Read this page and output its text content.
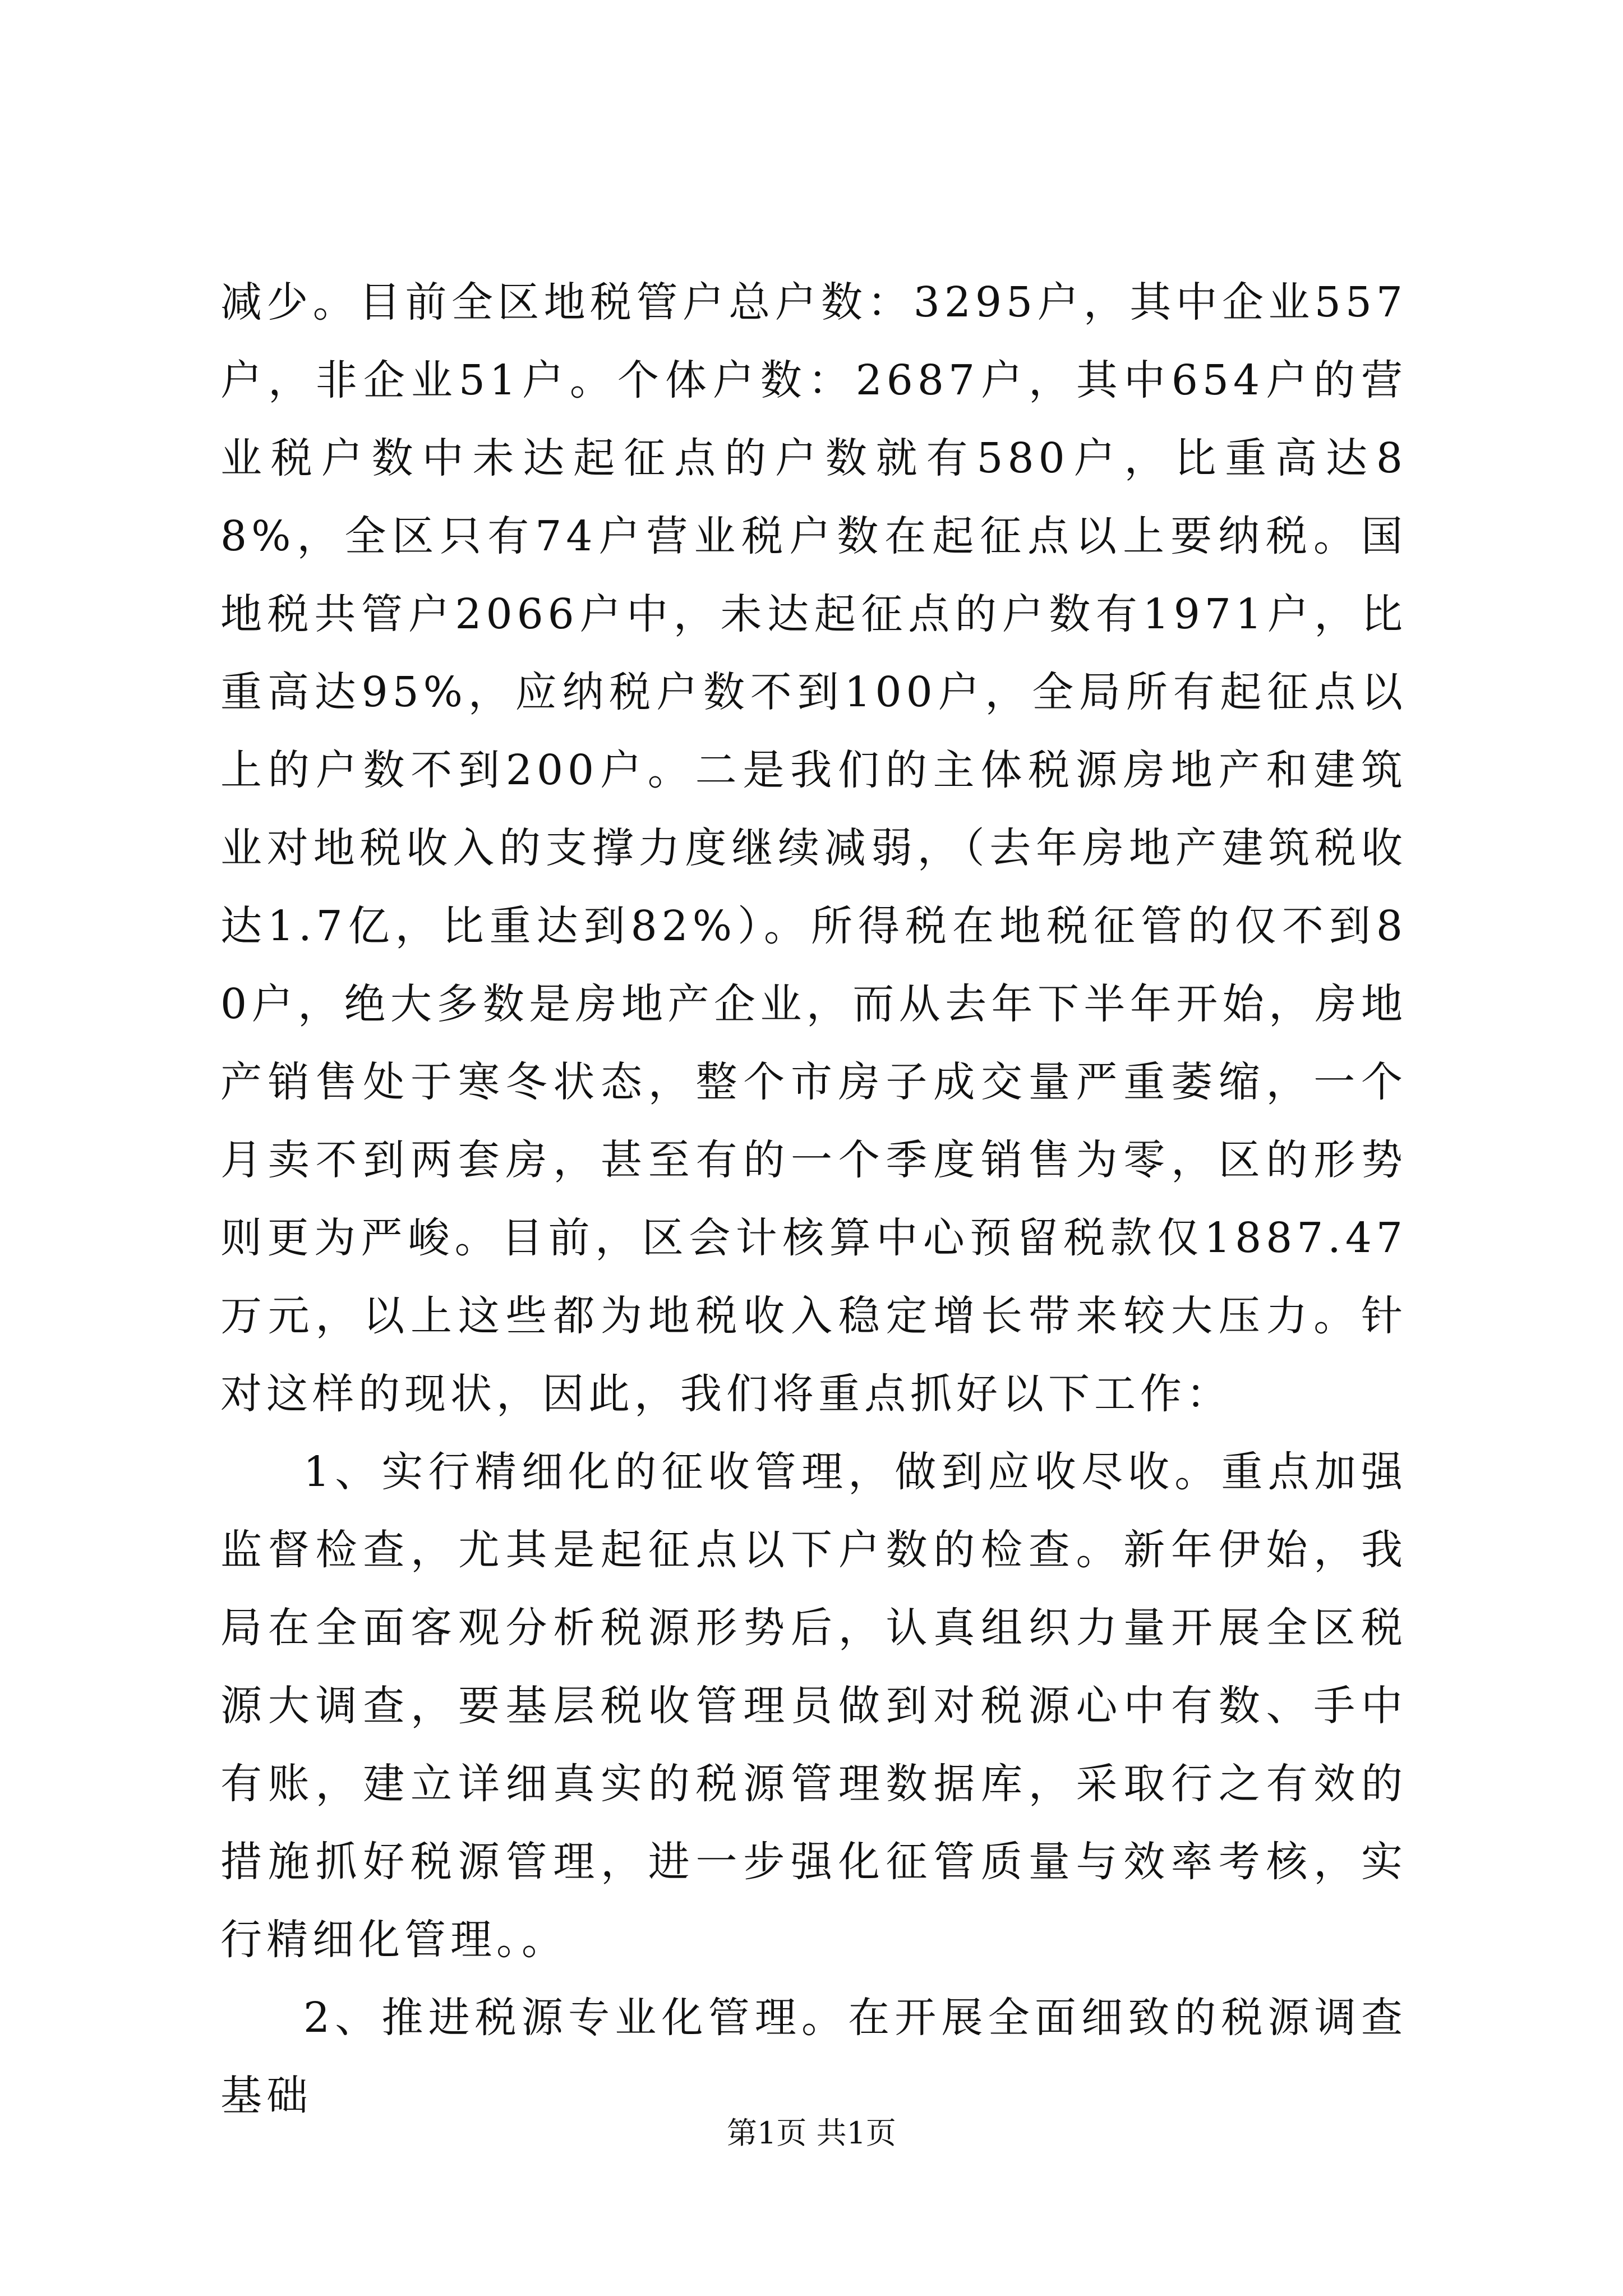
减少。目前全区地税管户总户数：3295户，其中企业557户，非企业51户。个体户数：2687户，其中654户的营业税户数中未达起征点的户数就有580户，比重高达88%，全区只有74户营业税户数在起征点以上要纳税。国地税共管户2066户中，未达起征点的户数有1971户，比重高达95%，应纳税户数不到100户，全局所有起征点以上的户数不到200户。二是我们的主体税源房地产和建筑业对地税收入的支撑力度继续减弱，（去年房地产建筑税收达1.7亿，比重达到82%）。所得税在地税征管的仅不到80户，绝大多数是房地产企业，而从去年下半年开始，房地产销售处于寒冬状态，整个市房子成交量严重萎缩，一个月卖不到两套房，甚至有的一个季度销售为零，区的形势则更为严峻。目前，区会计核算中心预留税款仅1887.47万元，以上这些都为地税收入稳定增长带来较大压力。针对这样的现状，因此，我们将重点抓好以下工作：

1、实行精细化的征收管理，做到应收尽收。重点加强监督检查，尤其是起征点以下户数的检查。新年伊始，我局在全面客观分析税源形势后，认真组织力量开展全区税源大调查，要基层税收管理员做到对税源心中有数、手中有账，建立详细真实的税源管理数据库，采取行之有效的措施抓好税源管理，进一步强化征管质量与效率考核，实行精细化管理。。

2、推进税源专业化管理。在开展全面细致的税源调查基础

第1页 共1页
